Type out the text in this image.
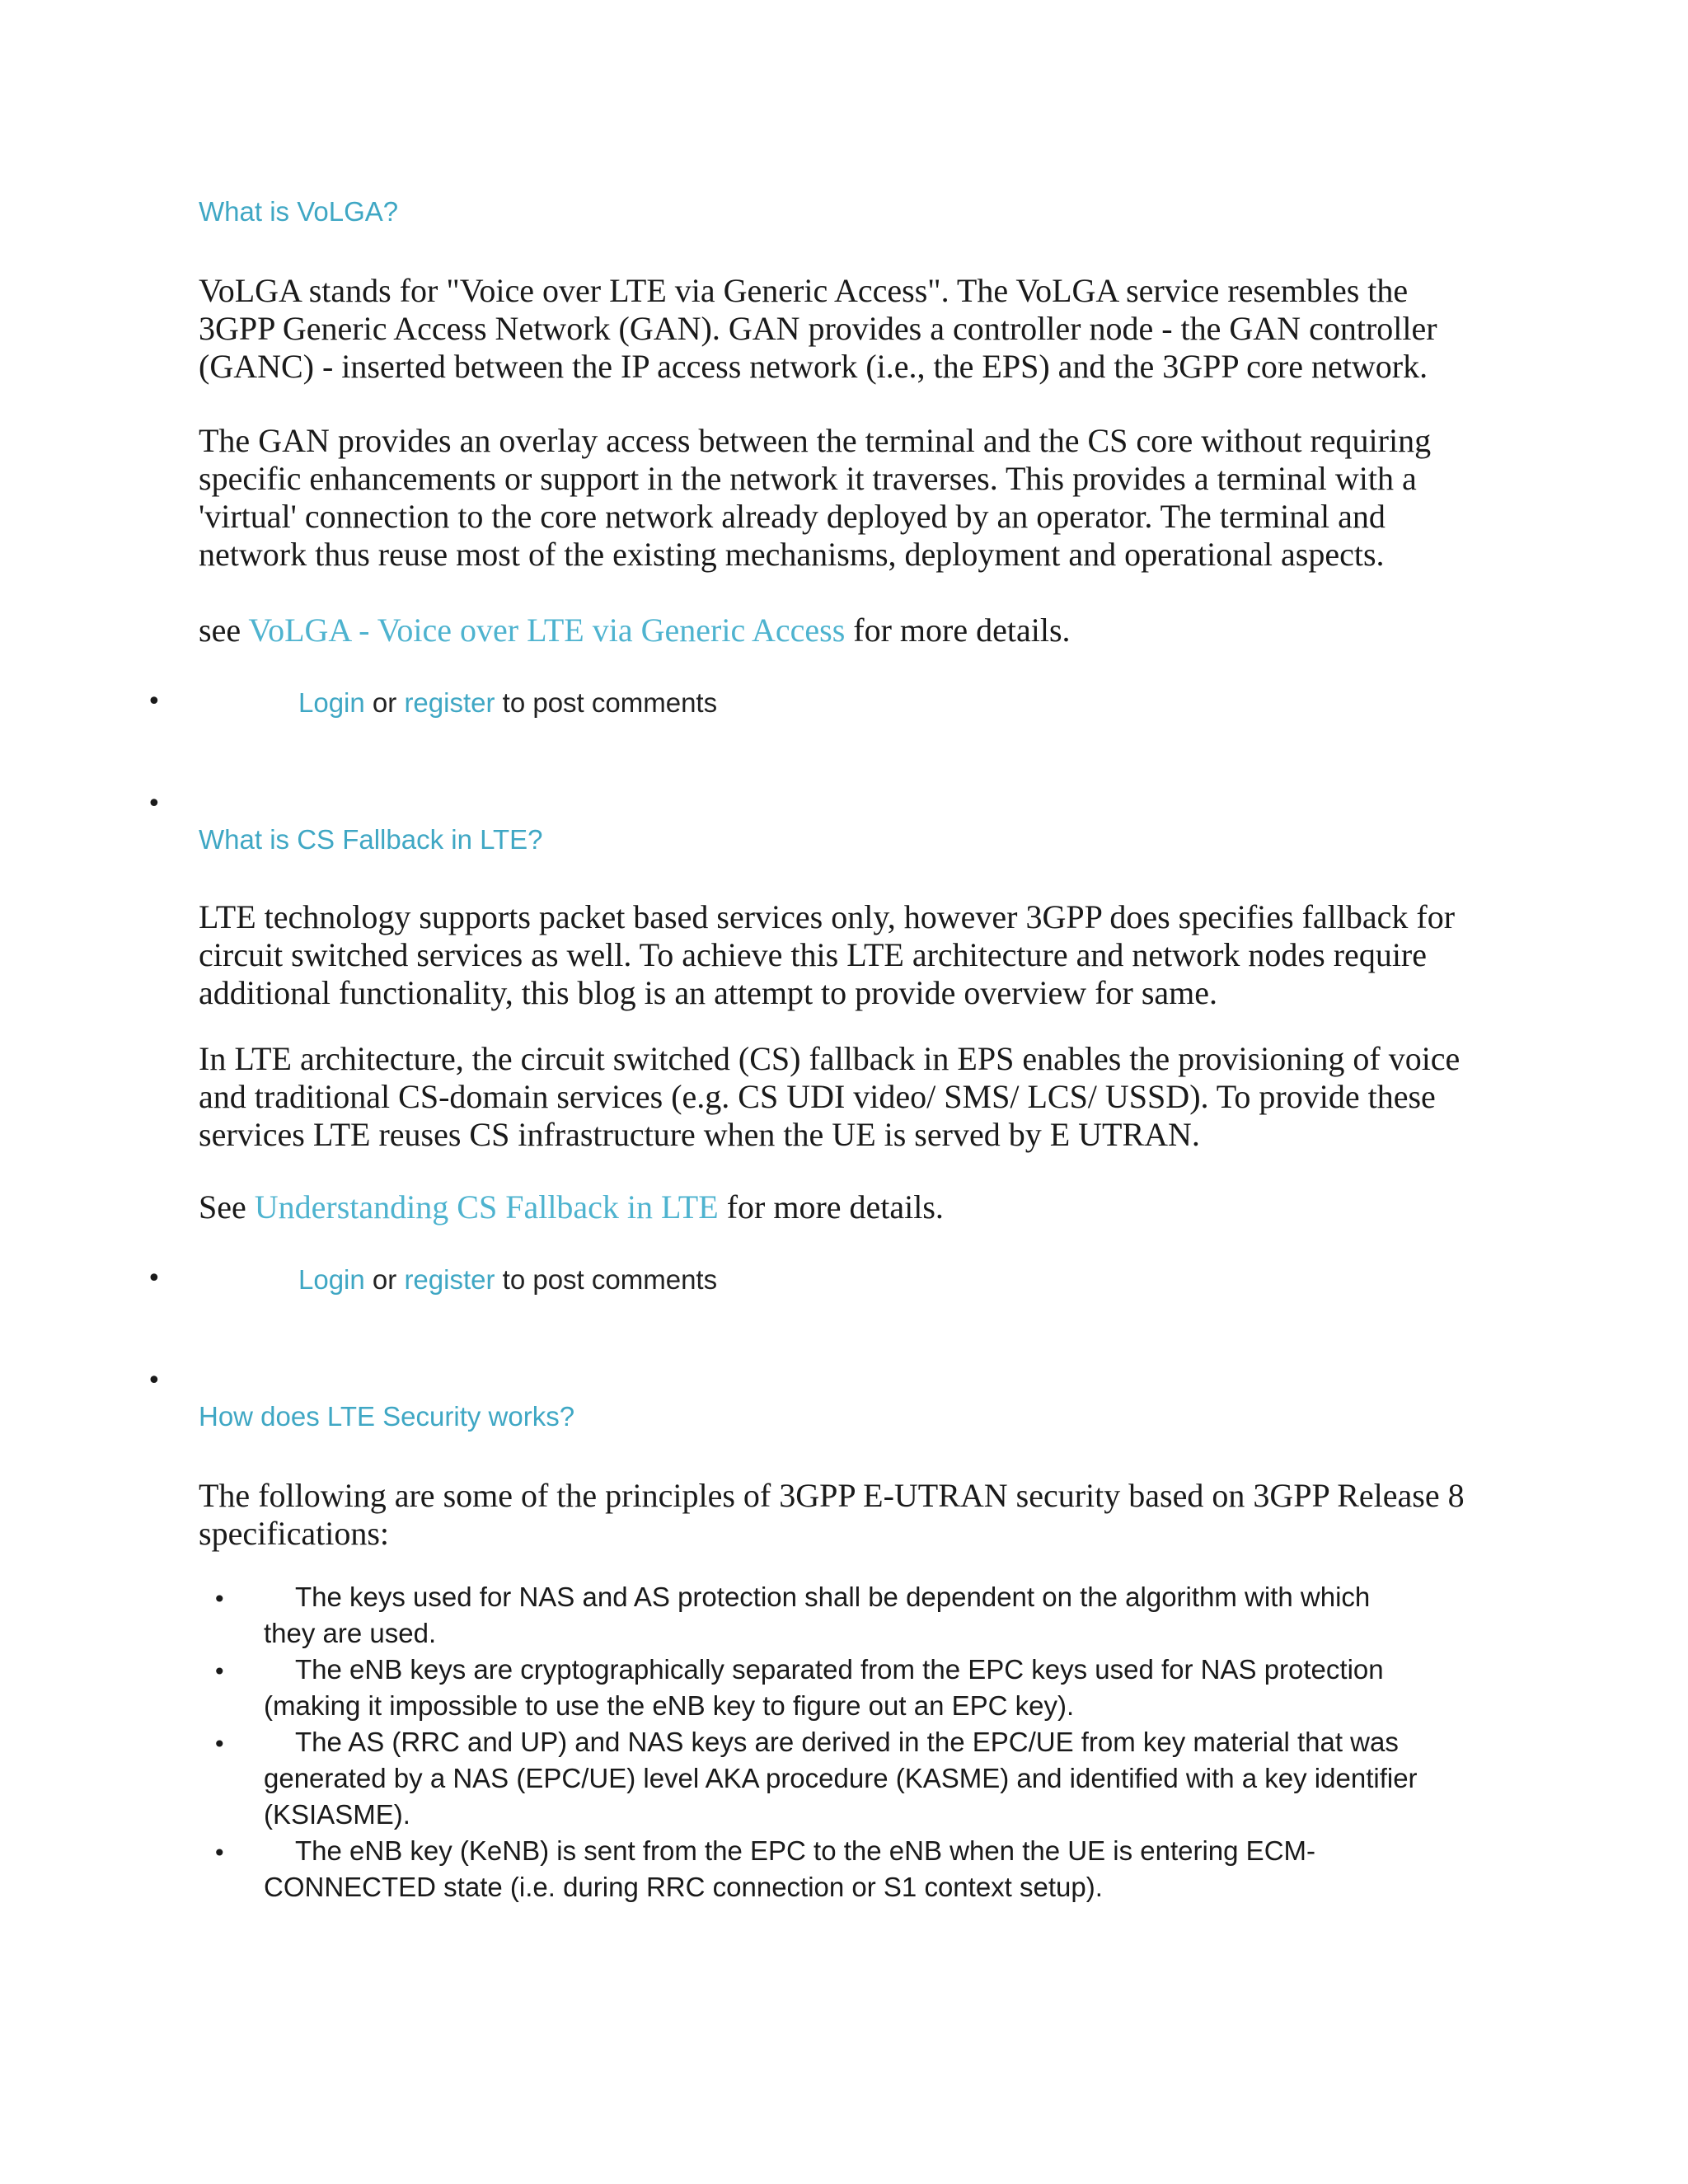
What is VoLGA?
VoLGA stands for "Voice over LTE via Generic Access". The VoLGA service resembles the
3GPP Generic Access Network (GAN). GAN provides a controller node - the GAN controller
(GANC) - inserted between the IP access network (i.e., the EPS) and the 3GPP core network.
The GAN provides an overlay access between the terminal and the CS core without requiring
specific enhancements or support in the network it traverses. This provides a terminal with a
'virtual' connection to the core network already deployed by an operator. The terminal and
network thus reuse most of the existing mechanisms, deployment and operational aspects.
see VoLGA - Voice over LTE via Generic Access for more details.
•	Login or register to post comments
•
What is CS Fallback in LTE?
LTE technology supports packet based services only, however 3GPP does specifies fallback for
circuit switched services as well. To achieve this LTE architecture and network nodes require
additional functionality, this blog is an attempt to provide overview for same.
In LTE architecture, the circuit switched (CS) fallback in EPS enables the provisioning of voice
and traditional CS-domain services (e.g. CS UDI video/ SMS/ LCS/ USSD). To provide these
services LTE reuses CS infrastructure when the UE is served by E UTRAN.
See Understanding CS Fallback in LTE for more details.
•	Login or register to post comments
•
How does LTE Security works?
The following are some of the principles of 3GPP E-UTRAN security based on 3GPP Release 8
specifications:
•	The keys used for NAS and AS protection shall be dependent on the algorithm with which
they are used.
•	The eNB keys are cryptographically separated from the EPC keys used for NAS protection
(making it impossible to use the eNB key to figure out an EPC key).
•	The AS (RRC and UP) and NAS keys are derived in the EPC/UE from key material that was
generated by a NAS (EPC/UE) level AKA procedure (KASME) and identified with a key identifier
(KSIASME).
•	The eNB key (KeNB) is sent from the EPC to the eNB when the UE is entering ECM-
CONNECTED state (i.e. during RRC connection or S1 context setup).
